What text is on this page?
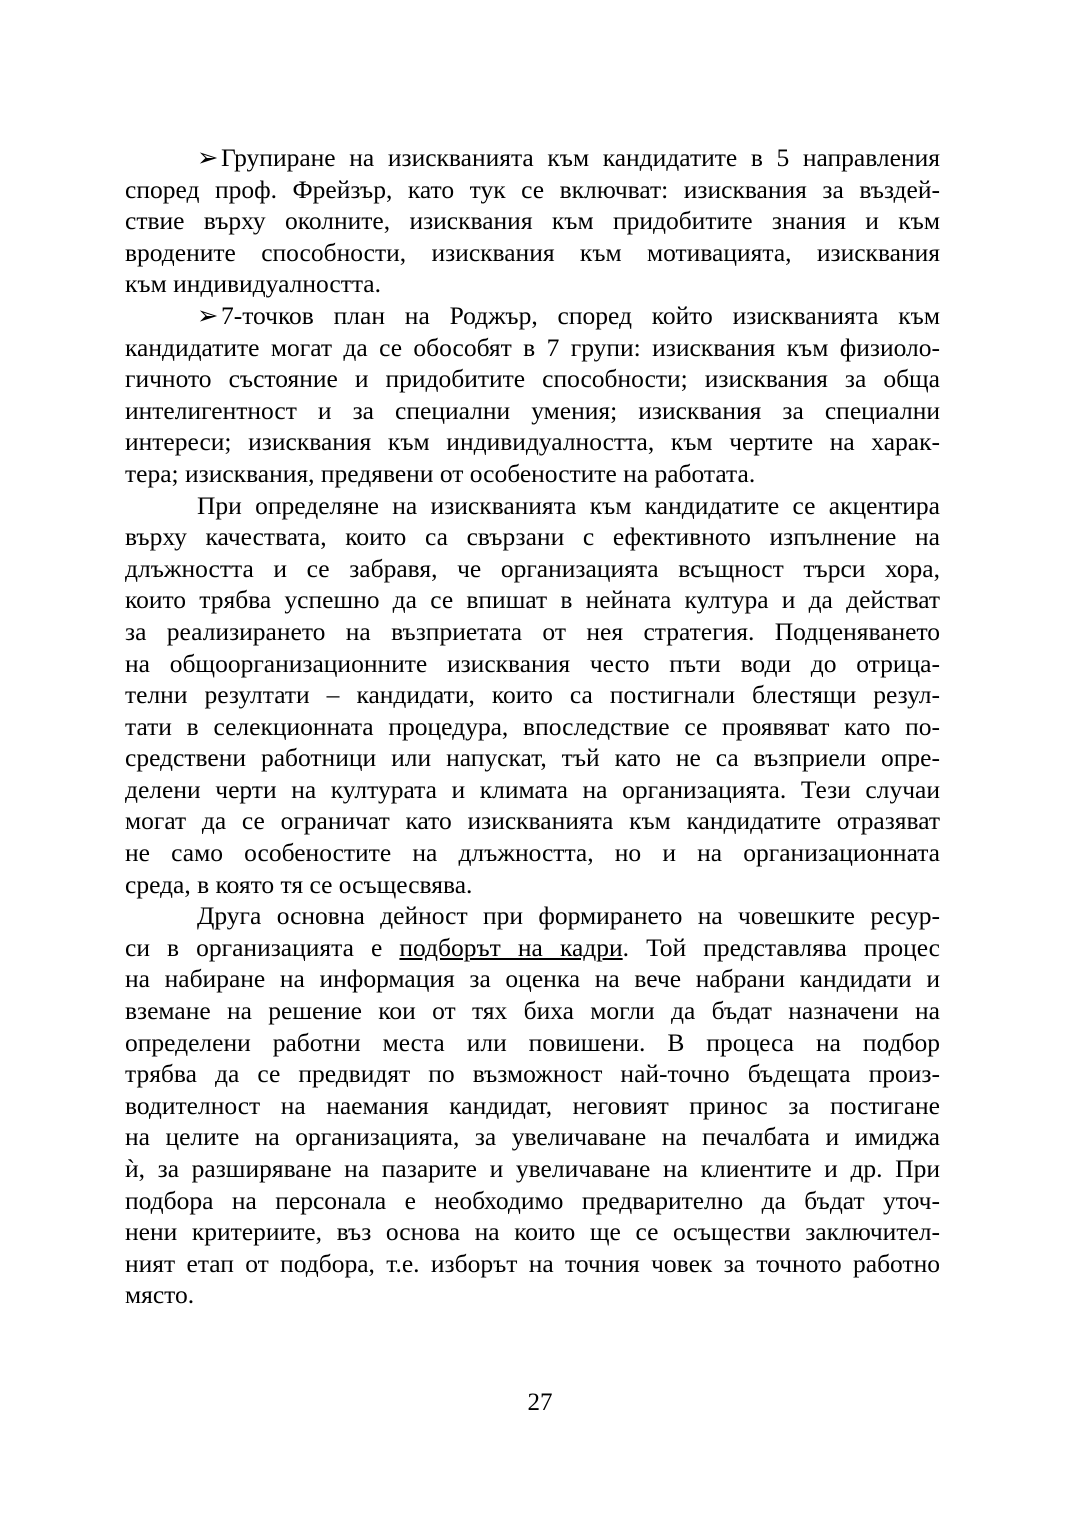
➢ Групиране на изискванията към кандидатите в 5 направления
според проф. Фрейзър, като тук се включват: изисквания за въздей-
ствие върху околните, изисквания към придобитите знания и към
вродените способности, изисквания към мотивацията, изисквания
към индивидуалността.

➢ 7-точков план на Роджър, според който изискванията към
кандидатите могат да се обособят в 7 групи: изисквания към физиоло-
гичното състояние и придобитите способности; изисквания за обща
интелигентност и за специални умения; изисквания за специални
интереси; изисквания към индивидуалността, към чертите на харак-
тера; изисквания, предявени от особеностите на работата.

При определяне на изискванията към кандидатите се акцентира
върху качествата, които са свързани с ефективното изпълнение на
длъжността и се забравя, че организацията всъщност търси хора,
които трябва успешно да се впишат в нейната култура и да действат
за реализирането на възприетата от нея стратегия. Подценяването
на общоорганизационните изисквания често пъти води до отрица-
телни резултати – кандидати, които са постигнали блестящи резул-
тати в селекционната процедура, впоследствие се проявяват като по-
средствени работници или напускат, тъй като не са възприели опре-
делени черти на културата и климата на организацията. Тези случаи
могат да се ограничат като изискванията към кандидатите отразяват
не само особеностите на длъжността, но и на организационната
среда, в която тя се осъщесвява.

Друга основна дейност при формирането на човешките ресур-
си в организацията е подборът на кадри. Той представлява процес
на набиране на информация за оценка на вече набрани кандидати и
вземане на решение кои от тях биха могли да бъдат назначени на
определени работни места или повишени. В процеса на подбор
трябва да се предвидят по възможност най-точно бъдещата произ-
водителност на наемания кандидат, неговият принос за постигане
на целите на организацията, за увеличаване на печалбата и имиджа
ѝ, за разширяване на пазарите и увеличаване на клиентите и др. При
подбора на персонала е необходимо предварително да бъдат уточ-
нени критериите, въз основа на които ще се осъществи заключител-
ният етап от подбора, т.е. изборът на точния човек за точното работно
място.

27
